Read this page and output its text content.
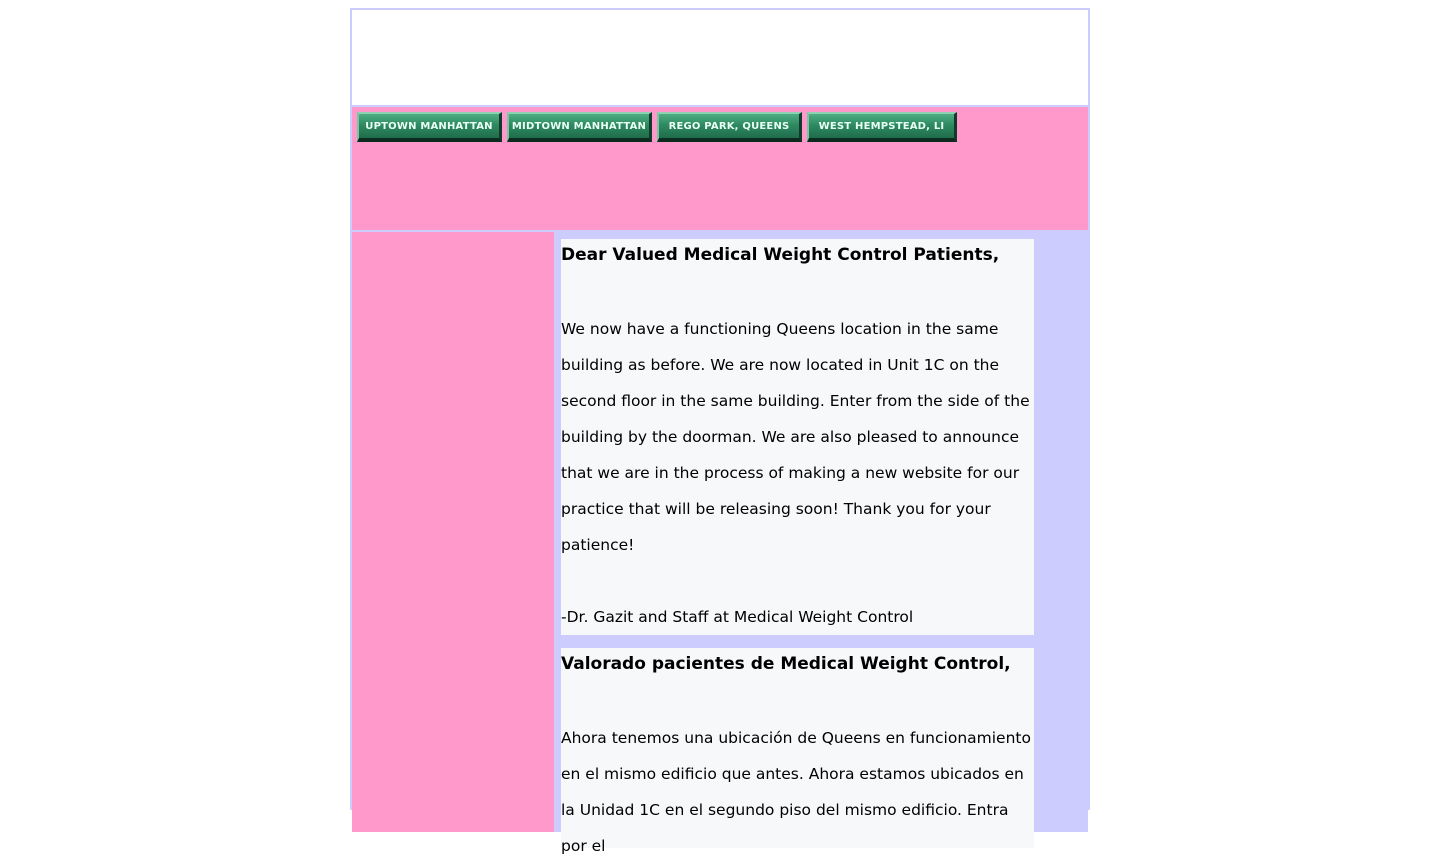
UPTOWN MANHATTAN MIDTOWN MANHATTAN REGO PARK, QUEENS	WEST HEMPSTEAD, LI
Dear Valued Medical Weight Control Patients,

We now have a functioning Queens location in the same building as before. We are now located in Unit 1C on the second floor in the same building. Enter from the side of the building by the doorman. We are also pleased to announce that we are in the process of making a new website for our practice that will be releasing soon! Thank you for your patience!

-Dr. Gazit and Staff at Medical Weight Control

Valorado pacientes de Medical Weight Control,

Ahora tenemos una ubicación de Queens en funcionamiento en el mismo edificio que antes. Ahora estamos ubicados en la Unidad 1C en el segundo piso del mismo edificio. Entra por el
